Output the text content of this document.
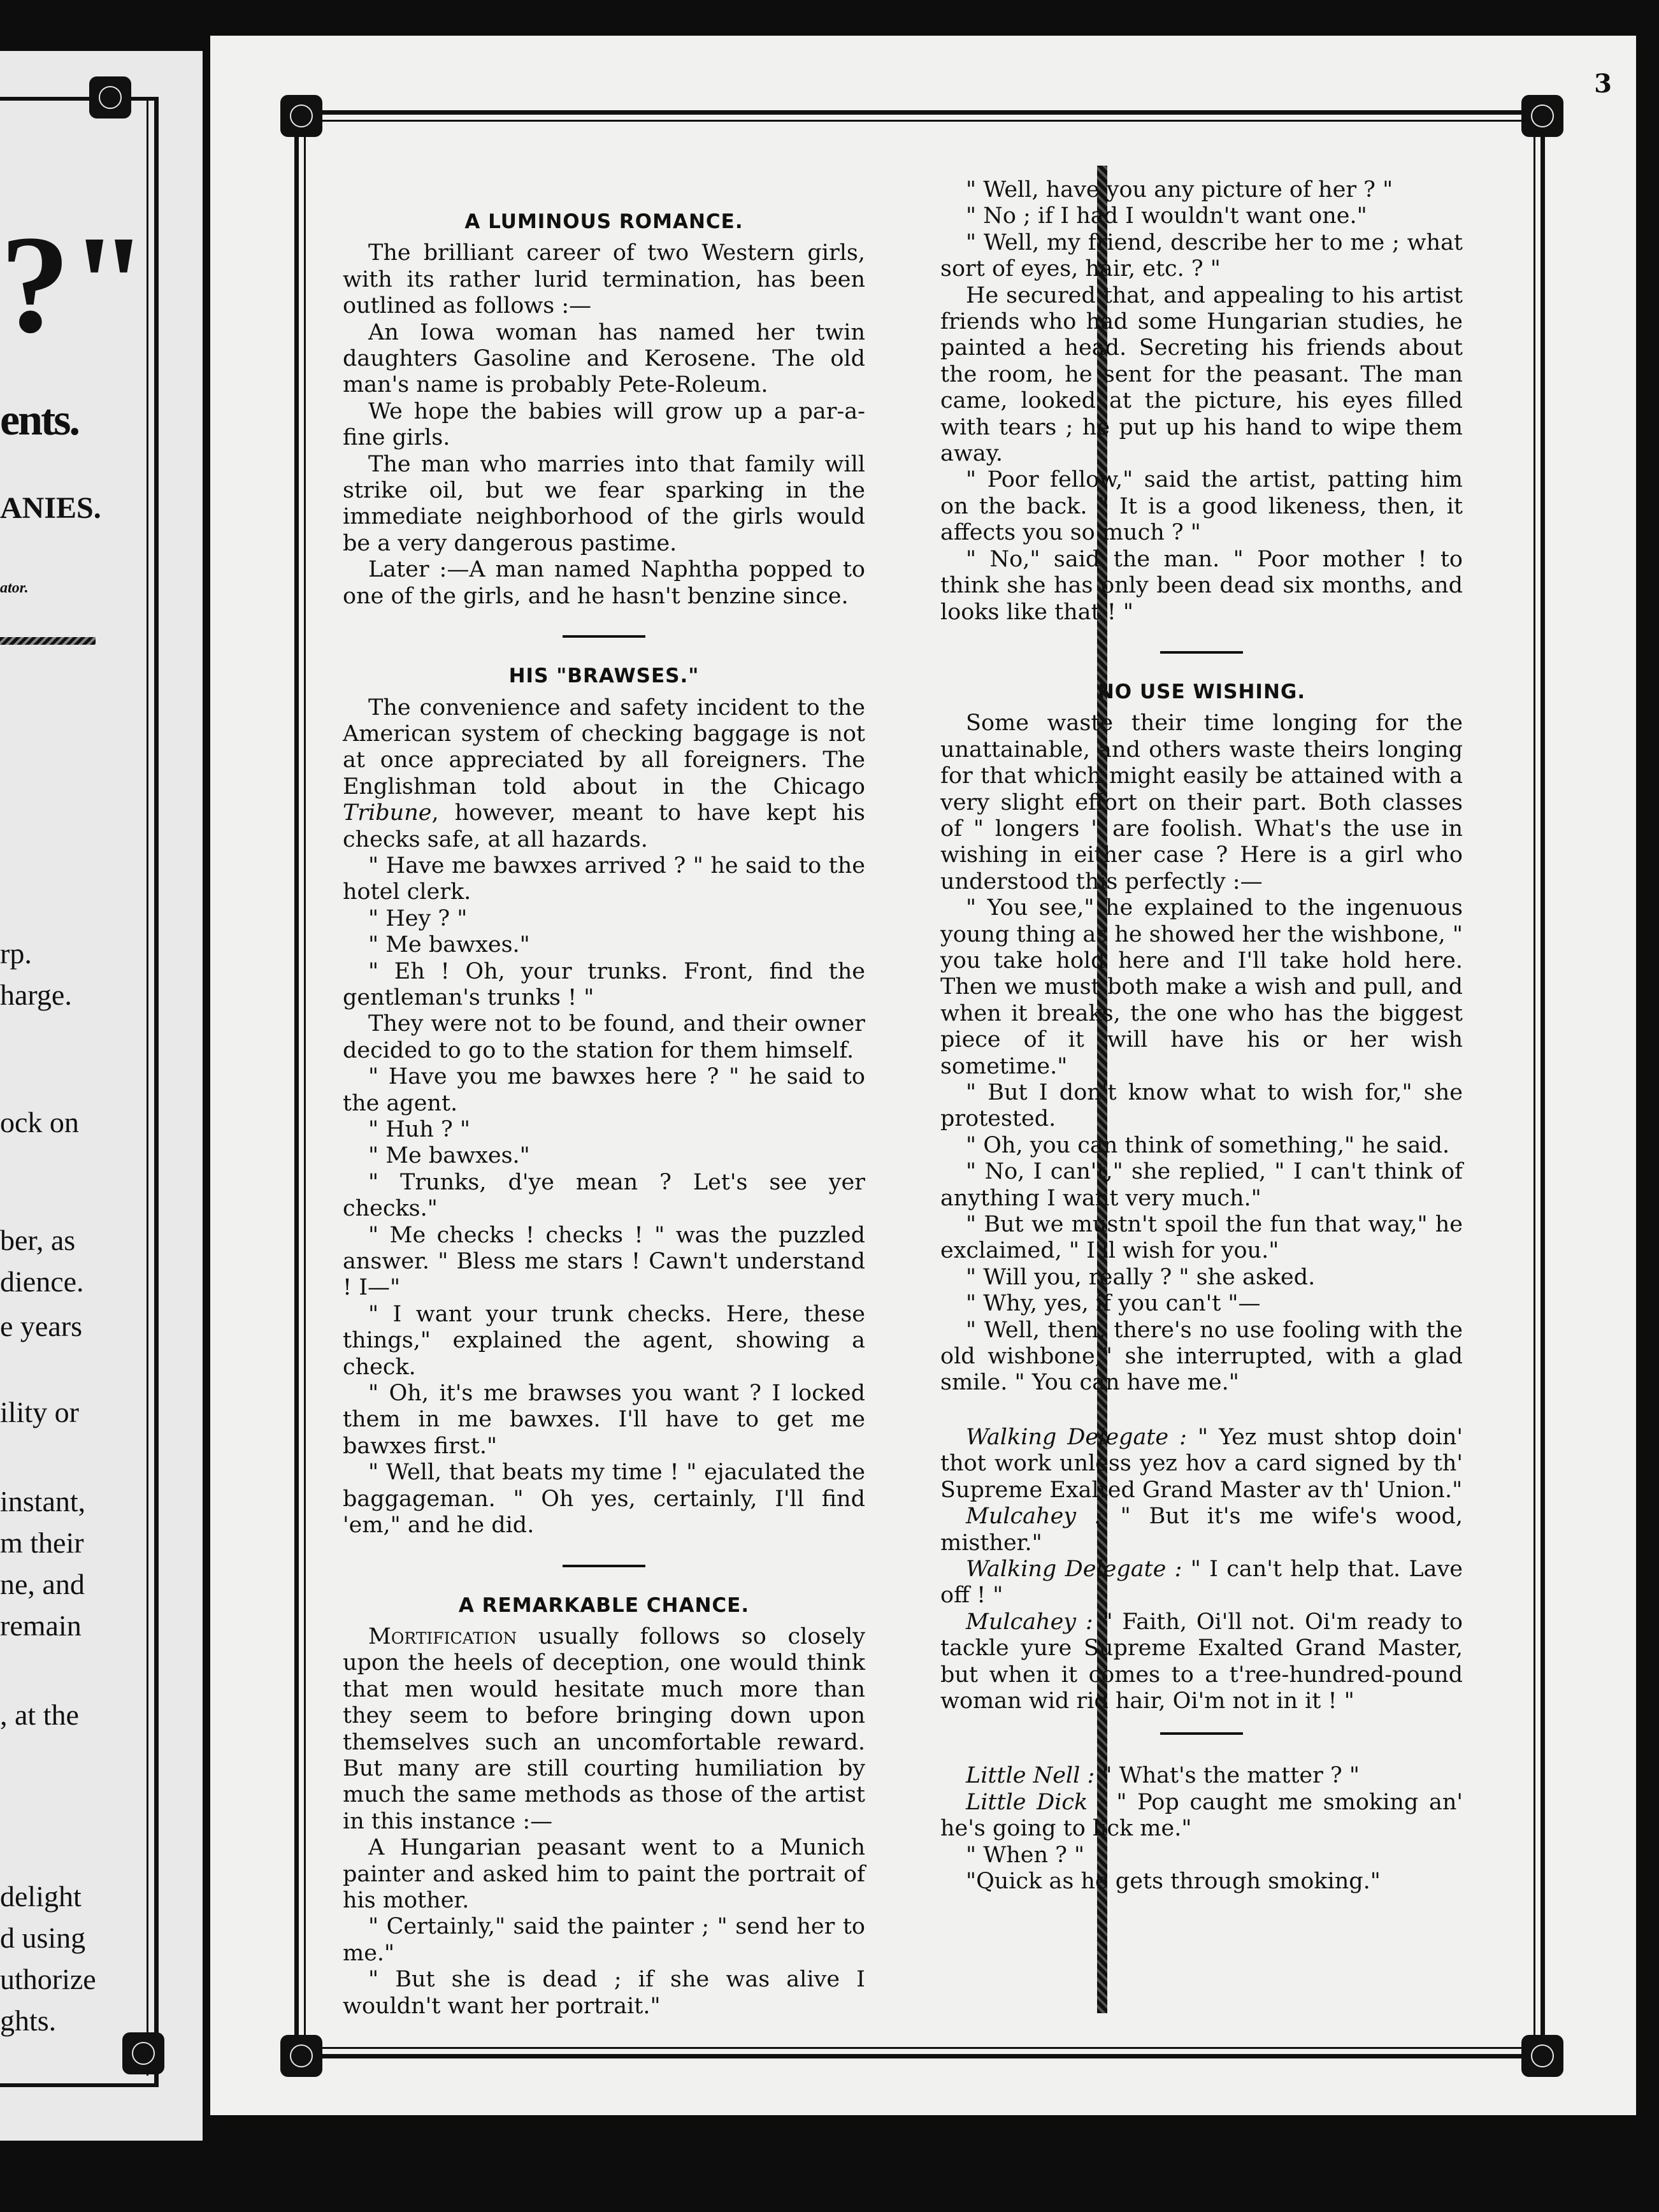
?"
ents.
ANIES.
ator.
rp.
harge.
ock on
ber, as
dience.
e years
ility or
instant,
m their
ne, and
remain
, at the
delight
d using
uthorize
ghts.
3

A LUMINOUS ROMANCE.

The brilliant career of two Western girls, with its rather lurid termination, has been outlined as follows :—

An Iowa woman has named her twin daughters Gasoline and Kerosene. The old man's name is probably Pete-Roleum.

We hope the babies will grow up a par-a-fine girls.

The man who marries into that family will strike oil, but we fear sparking in the immediate neighborhood of the girls would be a very dangerous pastime.

Later :—A man named Naphtha popped to one of the girls, and he hasn't benzine since.

HIS "BRAWSES."

The convenience and safety incident to the American system of checking baggage is not at once appreciated by all foreigners. The Englishman told about in the Chicago Tribune, however, meant to have kept his checks safe, at all hazards.

" Have me bawxes arrived ? " he said to the hotel clerk.

" Hey ? "

" Me bawxes."

" Eh ! Oh, your trunks. Front, find the gentleman's trunks ! "

They were not to be found, and their owner decided to go to the station for them himself.

" Have you me bawxes here ? " he said to the agent.

" Huh ? "

" Me bawxes."

" Trunks, d'ye mean ? Let's see yer checks."

" Me checks ! checks ! " was the puzzled answer. " Bless me stars ! Cawn't understand ! I—"

" I want your trunk checks. Here, these things," explained the agent, showing a check.

" Oh, it's me brawses you want ? I locked them in me bawxes. I'll have to get me bawxes first."

" Well, that beats my time ! " ejaculated the baggageman. " Oh yes, certainly, I'll find 'em," and he did.

A REMARKABLE CHANCE.

Mortification usually follows so closely upon the heels of deception, one would think that men would hesitate much more than they seem to before bringing down upon themselves such an uncomfortable reward. But many are still courting humiliation by much the same methods as those of the artist in this instance :—

A Hungarian peasant went to a Munich painter and asked him to paint the portrait of his mother.

" Certainly," said the painter ; " send her to me."

" But she is dead ; if she was alive I wouldn't want her portrait."

" Well, have you any picture of her ? "

" No ; if I had I wouldn't want one."

" Well, my friend, describe her to me ; what sort of eyes, hair, etc. ? "

He secured that, and appealing to his artist friends who had some Hungarian studies, he painted a head. Secreting his friends about the room, he sent for the peasant. The man came, looked at the picture, his eyes filled with tears ; he put up his hand to wipe them away.

" Poor fellow," said the artist, patting him on the back. " It is a good likeness, then, it affects you so much ? "

" No," said the man. " Poor mother ! to think she has only been dead six months, and looks like that ! "

NO USE WISHING.

Some waste their time longing for the unattainable, and others waste theirs longing for that which might easily be attained with a very slight effort on their part. Both classes of " longers " are foolish. What's the use in wishing in either case ? Here is a girl who understood this perfectly :—

" You see," he explained to the ingenuous young thing as he showed her the wishbone, " you take hold here and I'll take hold here. Then we must both make a wish and pull, and when it breaks, the one who has the biggest piece of it will have his or her wish sometime."

" But I don't know what to wish for," she protested.

" Oh, you can think of something," he said.

" No, I can't," she replied, " I can't think of anything I want very much."

" But we mustn't spoil the fun that way," he exclaimed, " I'll wish for you."

" Will you, really ? " she asked.

" Why, yes, if you can't "—

" Well, then, there's no use fooling with the old wishbone," she interrupted, with a glad smile. " You can have me."

Walking Delegate : " Yez must shtop doin' thot work unless yez hov a card signed by th' Supreme Exalted Grand Master av th' Union."

Mulcahey : " But it's me wife's wood, misther."

Walking Delegate : " I can't help that. Lave off ! "

Mulcahey : " Faith, Oi'll not. Oi'm ready to tackle yure Supreme Exalted Grand Master, but when it comes to a t'ree-hundred-pound woman wid rid hair, Oi'm not in it ! "

Little Nell : " What's the matter ? "

Little Dick : " Pop caught me smoking an' he's going to lick me."

" When ? "

"Quick as he gets through smoking."
